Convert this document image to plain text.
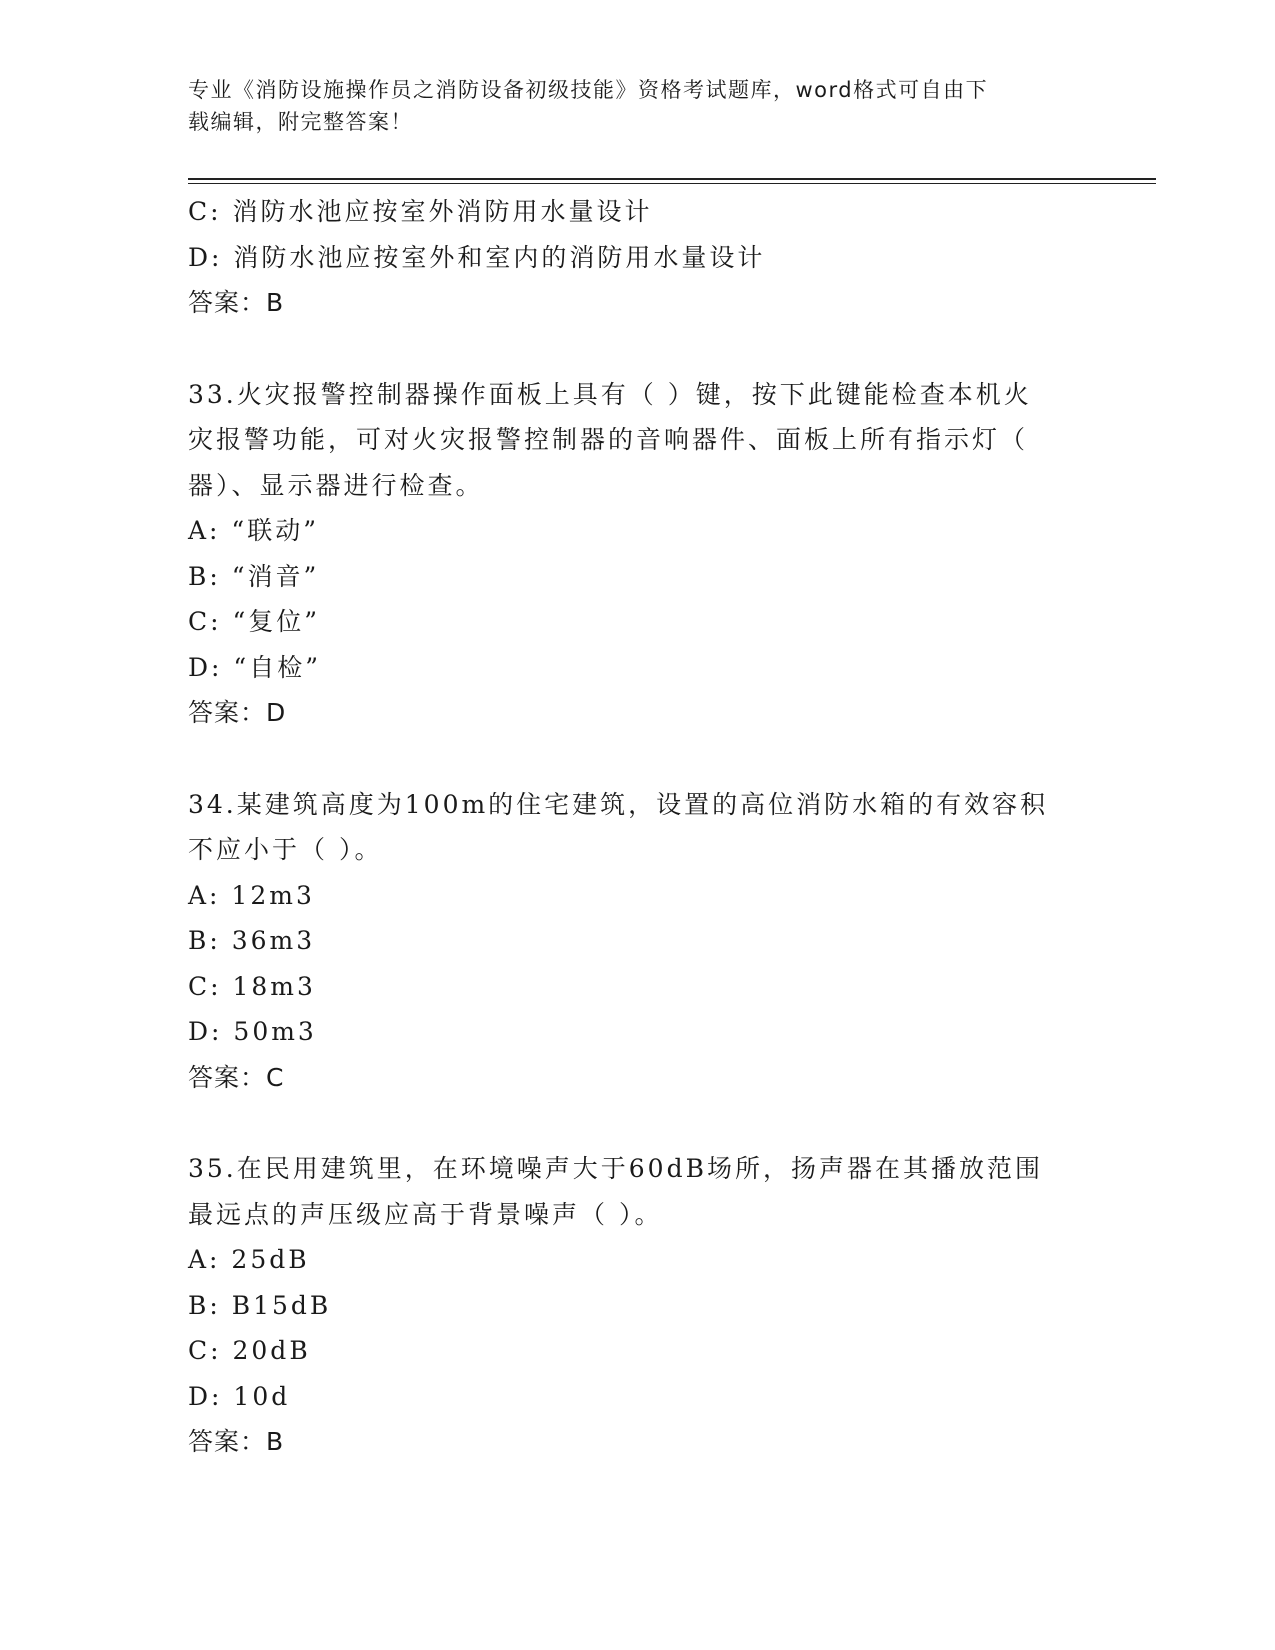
专业《消防设施操作员之消防设备初级技能》资格考试题库，word格式可自由下
载编辑，附完整答案！
C: 消防水池应按室外消防用水量设计
D: 消防水池应按室外和室内的消防用水量设计
答案：B
33.火灾报警控制器操作面板上具有（ ）键，按下此键能检查本机火
灾报警功能，可对火灾报警控制器的音响器件、面板上所有指示灯（
器）、显示器进行检查。
A: “联动”
B: “消音”
C: “复位”
D: “自检”
答案：D
34.某建筑高度为100m的住宅建筑，设置的高位消防水箱的有效容积
不应小于（ ）。
A: 12m3
B: 36m3
C: 18m3
D: 50m3
答案：C
35.在民用建筑里，在环境噪声大于60dB场所，扬声器在其播放范围
最远点的声压级应高于背景噪声（ ）。
A: 25dB
B: B15dB
C: 20dB
D: 10d
答案：B
